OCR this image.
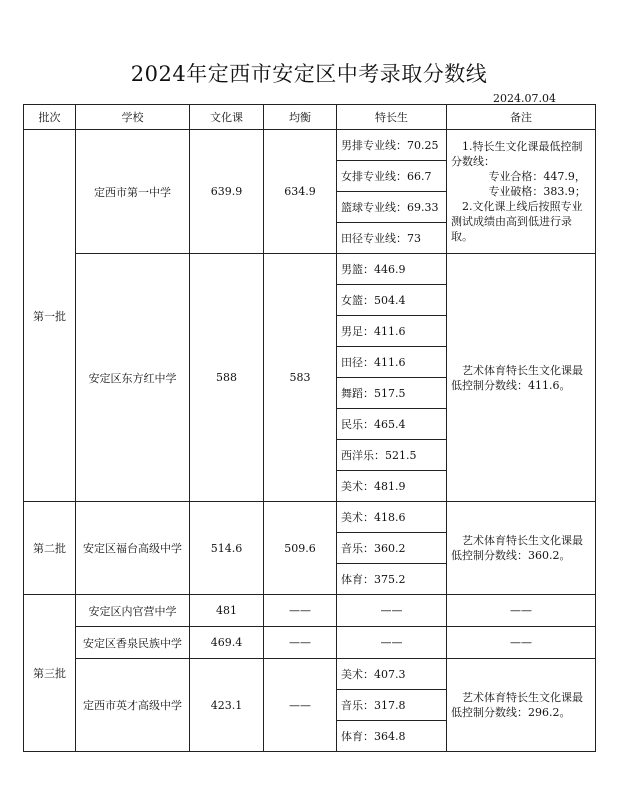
2024年定西市安定区中考录取分数线
2024.07.04
批次	学校	文化课	均衡	特长生	备注
第一批	定西市第一中学	639.9	634.9	男排专业线：70.25	1.特长生文化课最低控制分数线：
专业合格：447.9，
专业破格：383.9；
2.文化课上线后按照专业测试成绩由高到低进行录取。

				女排专业线：66.7	
				篮球专业线：69.33	
				田径专业线：73	
	安定区东方红中学	588	583	男篮：446.9	艺术体育特长生文化课最低控制分数线：411.6。

				女篮：504.4	
				男足：411.6	
				田径：411.6	
				舞蹈：517.5	
				民乐：465.4	
				西洋乐：521.5	
				美术：481.9	
第二批	安定区福台高级中学	514.6	509.6	美术：418.6	艺术体育特长生文化课最低控制分数线：360.2。

				音乐：360.2	
				体育：375.2	
第三批	安定区内官营中学	481	——	——	——
	安定区香泉民族中学	469.4	——	——	——
	定西市英才高级中学	423.1	——	美术：407.3	艺术体育特长生文化课最低控制分数线：296.2。

				音乐：317.8	
				体育：364.8	
